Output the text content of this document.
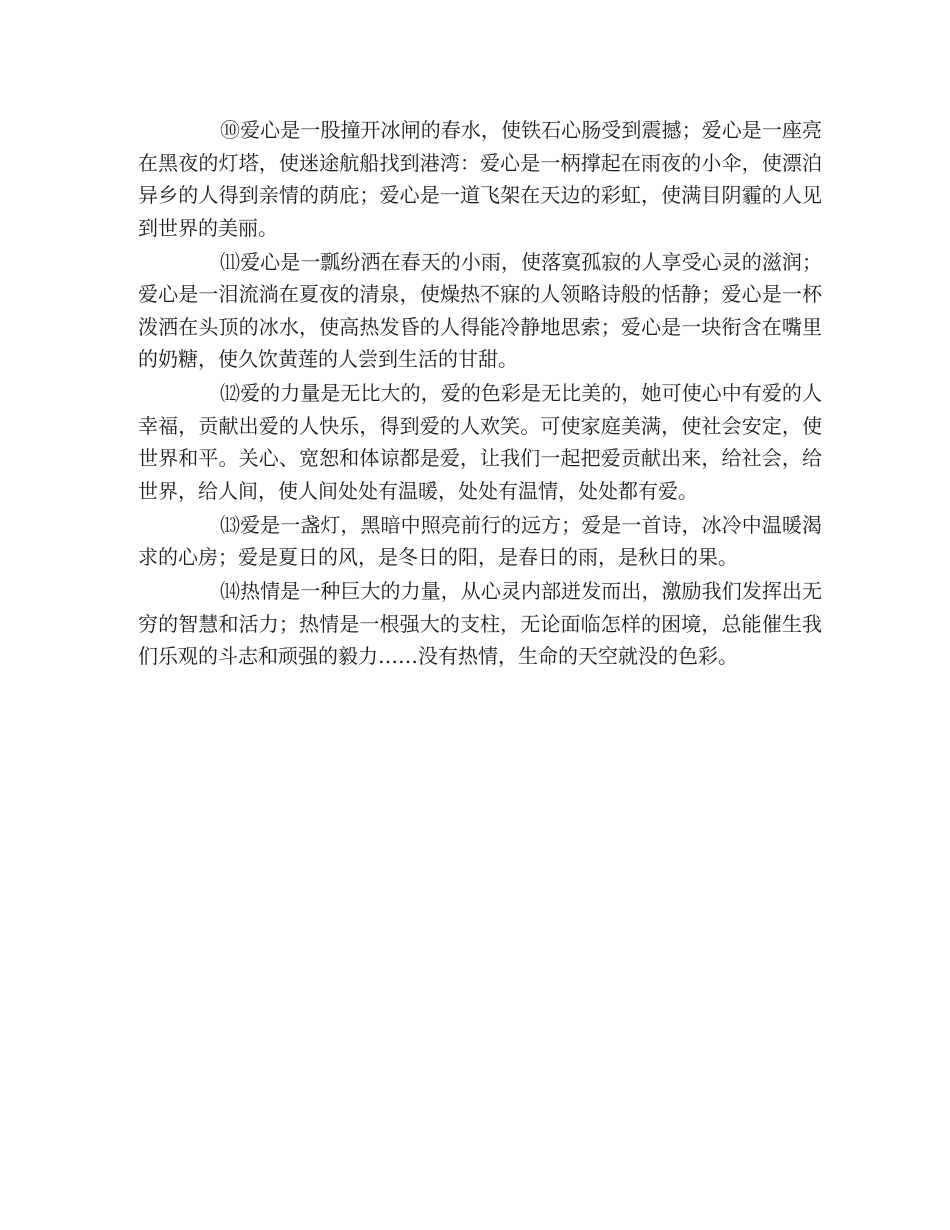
⑩爱心是一股撞开冰闸的春水，使铁石心肠受到震撼；爱心是一座亮在黑夜的灯塔，使迷途航船找到港湾：爱心是一柄撑起在雨夜的小伞，使漂泊异乡的人得到亲情的荫庇；爱心是一道飞架在天边的彩虹，使满目阴霾的人见到世界的美丽。

⑾爱心是一瓢纷洒在春天的小雨，使落寞孤寂的人享受心灵的滋润；爱心是一泪流淌在夏夜的清泉，使燥热不寐的人领略诗般的恬静；爱心是一杯泼洒在头顶的冰水，使高热发昏的人得能冷静地思索；爱心是一块衔含在嘴里的奶糖，使久饮黄莲的人尝到生活的甘甜。

⑿爱的力量是无比大的，爱的色彩是无比美的，她可使心中有爱的人幸福，贡献出爱的人快乐，得到爱的人欢笑。可使家庭美满，使社会安定，使世界和平。关心、宽恕和体谅都是爱，让我们一起把爱贡献出来，给社会，给世界，给人间，使人间处处有温暖，处处有温情，处处都有爱。

⒀爱是一盏灯，黑暗中照亮前行的远方；爱是一首诗，冰冷中温暖渴求的心房；爱是夏日的风，是冬日的阳，是春日的雨，是秋日的果。

⒁热情是一种巨大的力量，从心灵内部迸发而出，激励我们发挥出无穷的智慧和活力；热情是一根强大的支柱，无论面临怎样的困境，总能催生我们乐观的斗志和顽强的毅力……没有热情，生命的天空就没的色彩。
